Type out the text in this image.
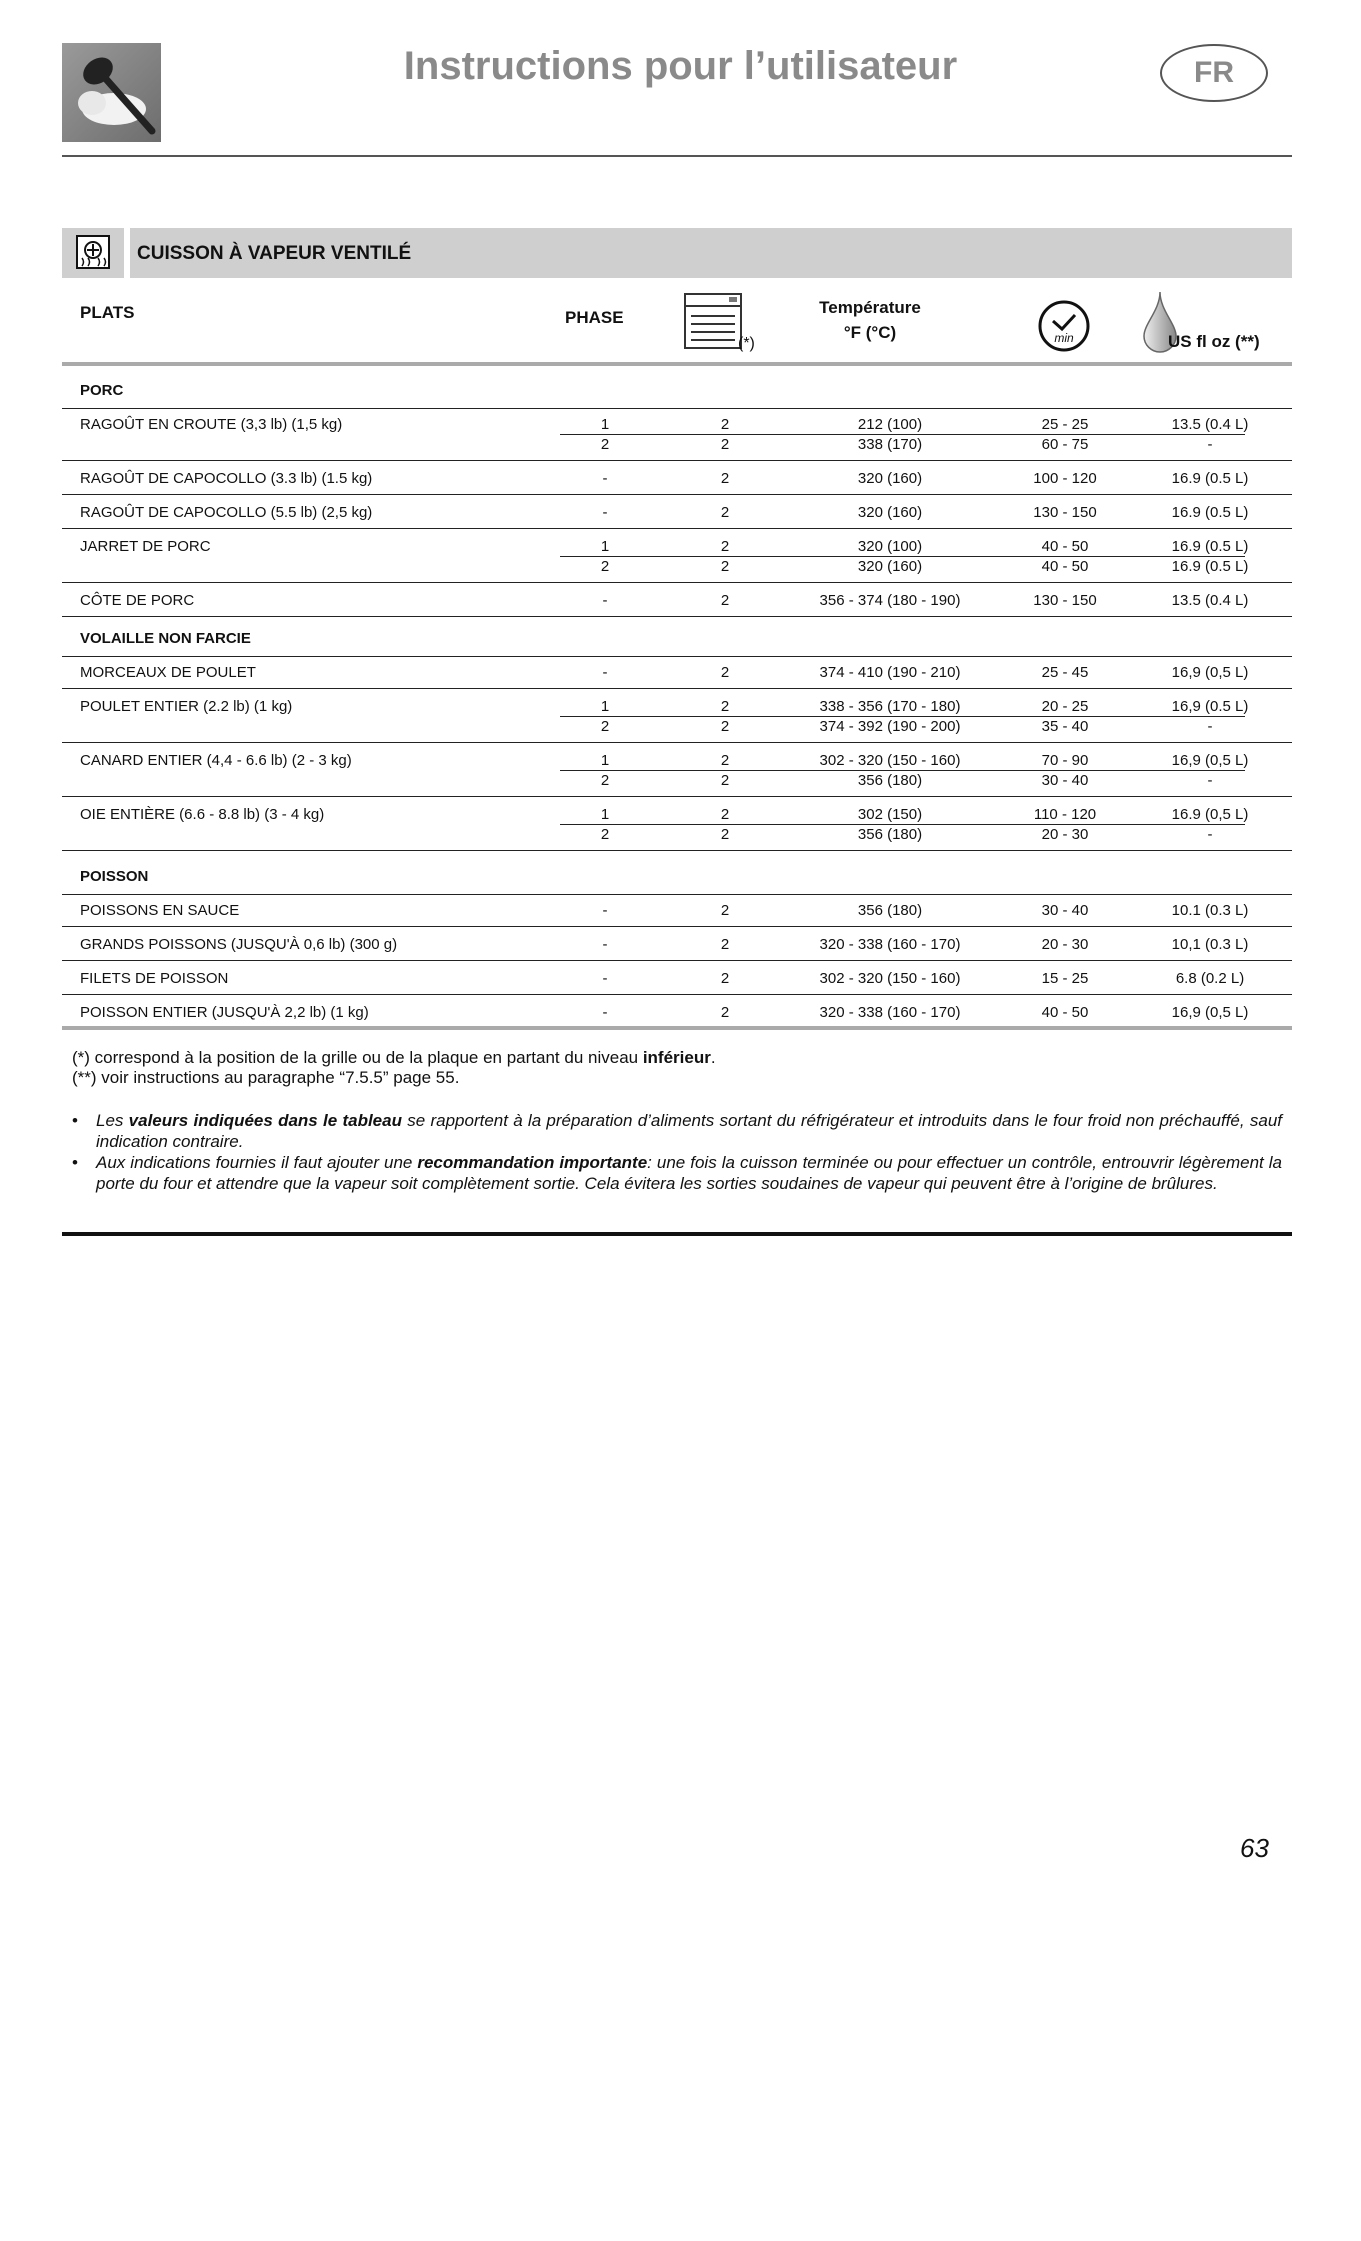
Instructions pour l’utilisateur	FR
CUISSON À VAPEUR VENTILÉ
PLATS	PHASE
(*)
Température
°F (°C)	min	US fl oz (**)
PORC
RAGOÛT EN CROUTE (3,3 lb) (1,5 kg)	1	2	212 (100)	25 - 25	13.5 (0.4 L)
2	2	338 (170)	60 - 75	-
RAGOÛT DE CAPOCOLLO (3.3 lb) (1.5 kg)	-	2	320 (160)	100 - 120	16.9 (0.5 L)
RAGOÛT DE CAPOCOLLO (5.5 lb) (2,5 kg)	-	2	320 (160)	130 - 150	16.9 (0.5 L)
JARRET DE PORC	1	2	320 (100)	40 - 50	16.9 (0.5 L)
2	2	320 (160)	40 - 50	16.9 (0.5 L)
CÔTE DE PORC	-	2	356 - 374 (180 - 190)	130 - 150	13.5 (0.4 L)
VOLAILLE NON FARCIE
MORCEAUX DE POULET	-	2	374 - 410 (190 - 210)	25 - 45	16,9 (0,5 L)
POULET ENTIER (2.2 lb) (1 kg)	1	2	338 - 356 (170 - 180)	20 - 25	16,9 (0.5 L)
2	2	374 - 392 (190 - 200)	35 - 40	-
CANARD ENTIER (4,4 - 6.6 lb) (2 - 3 kg)	1	2	302 - 320 (150 - 160)	70 - 90	16,9 (0,5 L)
2	2	356 (180)	30 - 40	-
OIE ENTIÈRE (6.6 - 8.8 lb) (3 - 4 kg)	1	2	302 (150)	110 - 120	16.9 (0,5 L)
2	2	356 (180)	20 - 30	-
POISSON
POISSONS EN SAUCE	-	2	356 (180)	30 - 40	10.1 (0.3 L)
GRANDS POISSONS (JUSQU'À 0,6 lb) (300 g)	-	2	320 - 338 (160 - 170)	20 - 30	10,1 (0.3 L)
FILETS DE POISSON	-	2	302 - 320 (150 - 160)	15 - 25	6.8 (0.2 L)
POISSON ENTIER (JUSQU'À 2,2 lb) (1 kg)	-	2	320 - 338 (160 - 170)	40 - 50	16,9 (0,5 L)
(*) correspond à la position de la grille ou de la plaque en partant du niveau inférieur.
(**) voir instructions au paragraphe “7.5.5” page 55.
• Les valeurs indiquées dans le tableau se rapportent à la préparation d’aliments sortant du réfrigérateur et introduits dans le four froid non préchauffé, sauf indication contraire.
• Aux indications fournies il faut ajouter une recommandation importante: une fois la cuisson terminée ou pour effectuer un contrôle, entrouvrir légèrement la porte du four et attendre que la vapeur soit complètement sortie. Cela évitera les sorties soudaines de vapeur qui peuvent être à l’origine de brûlures.
63
